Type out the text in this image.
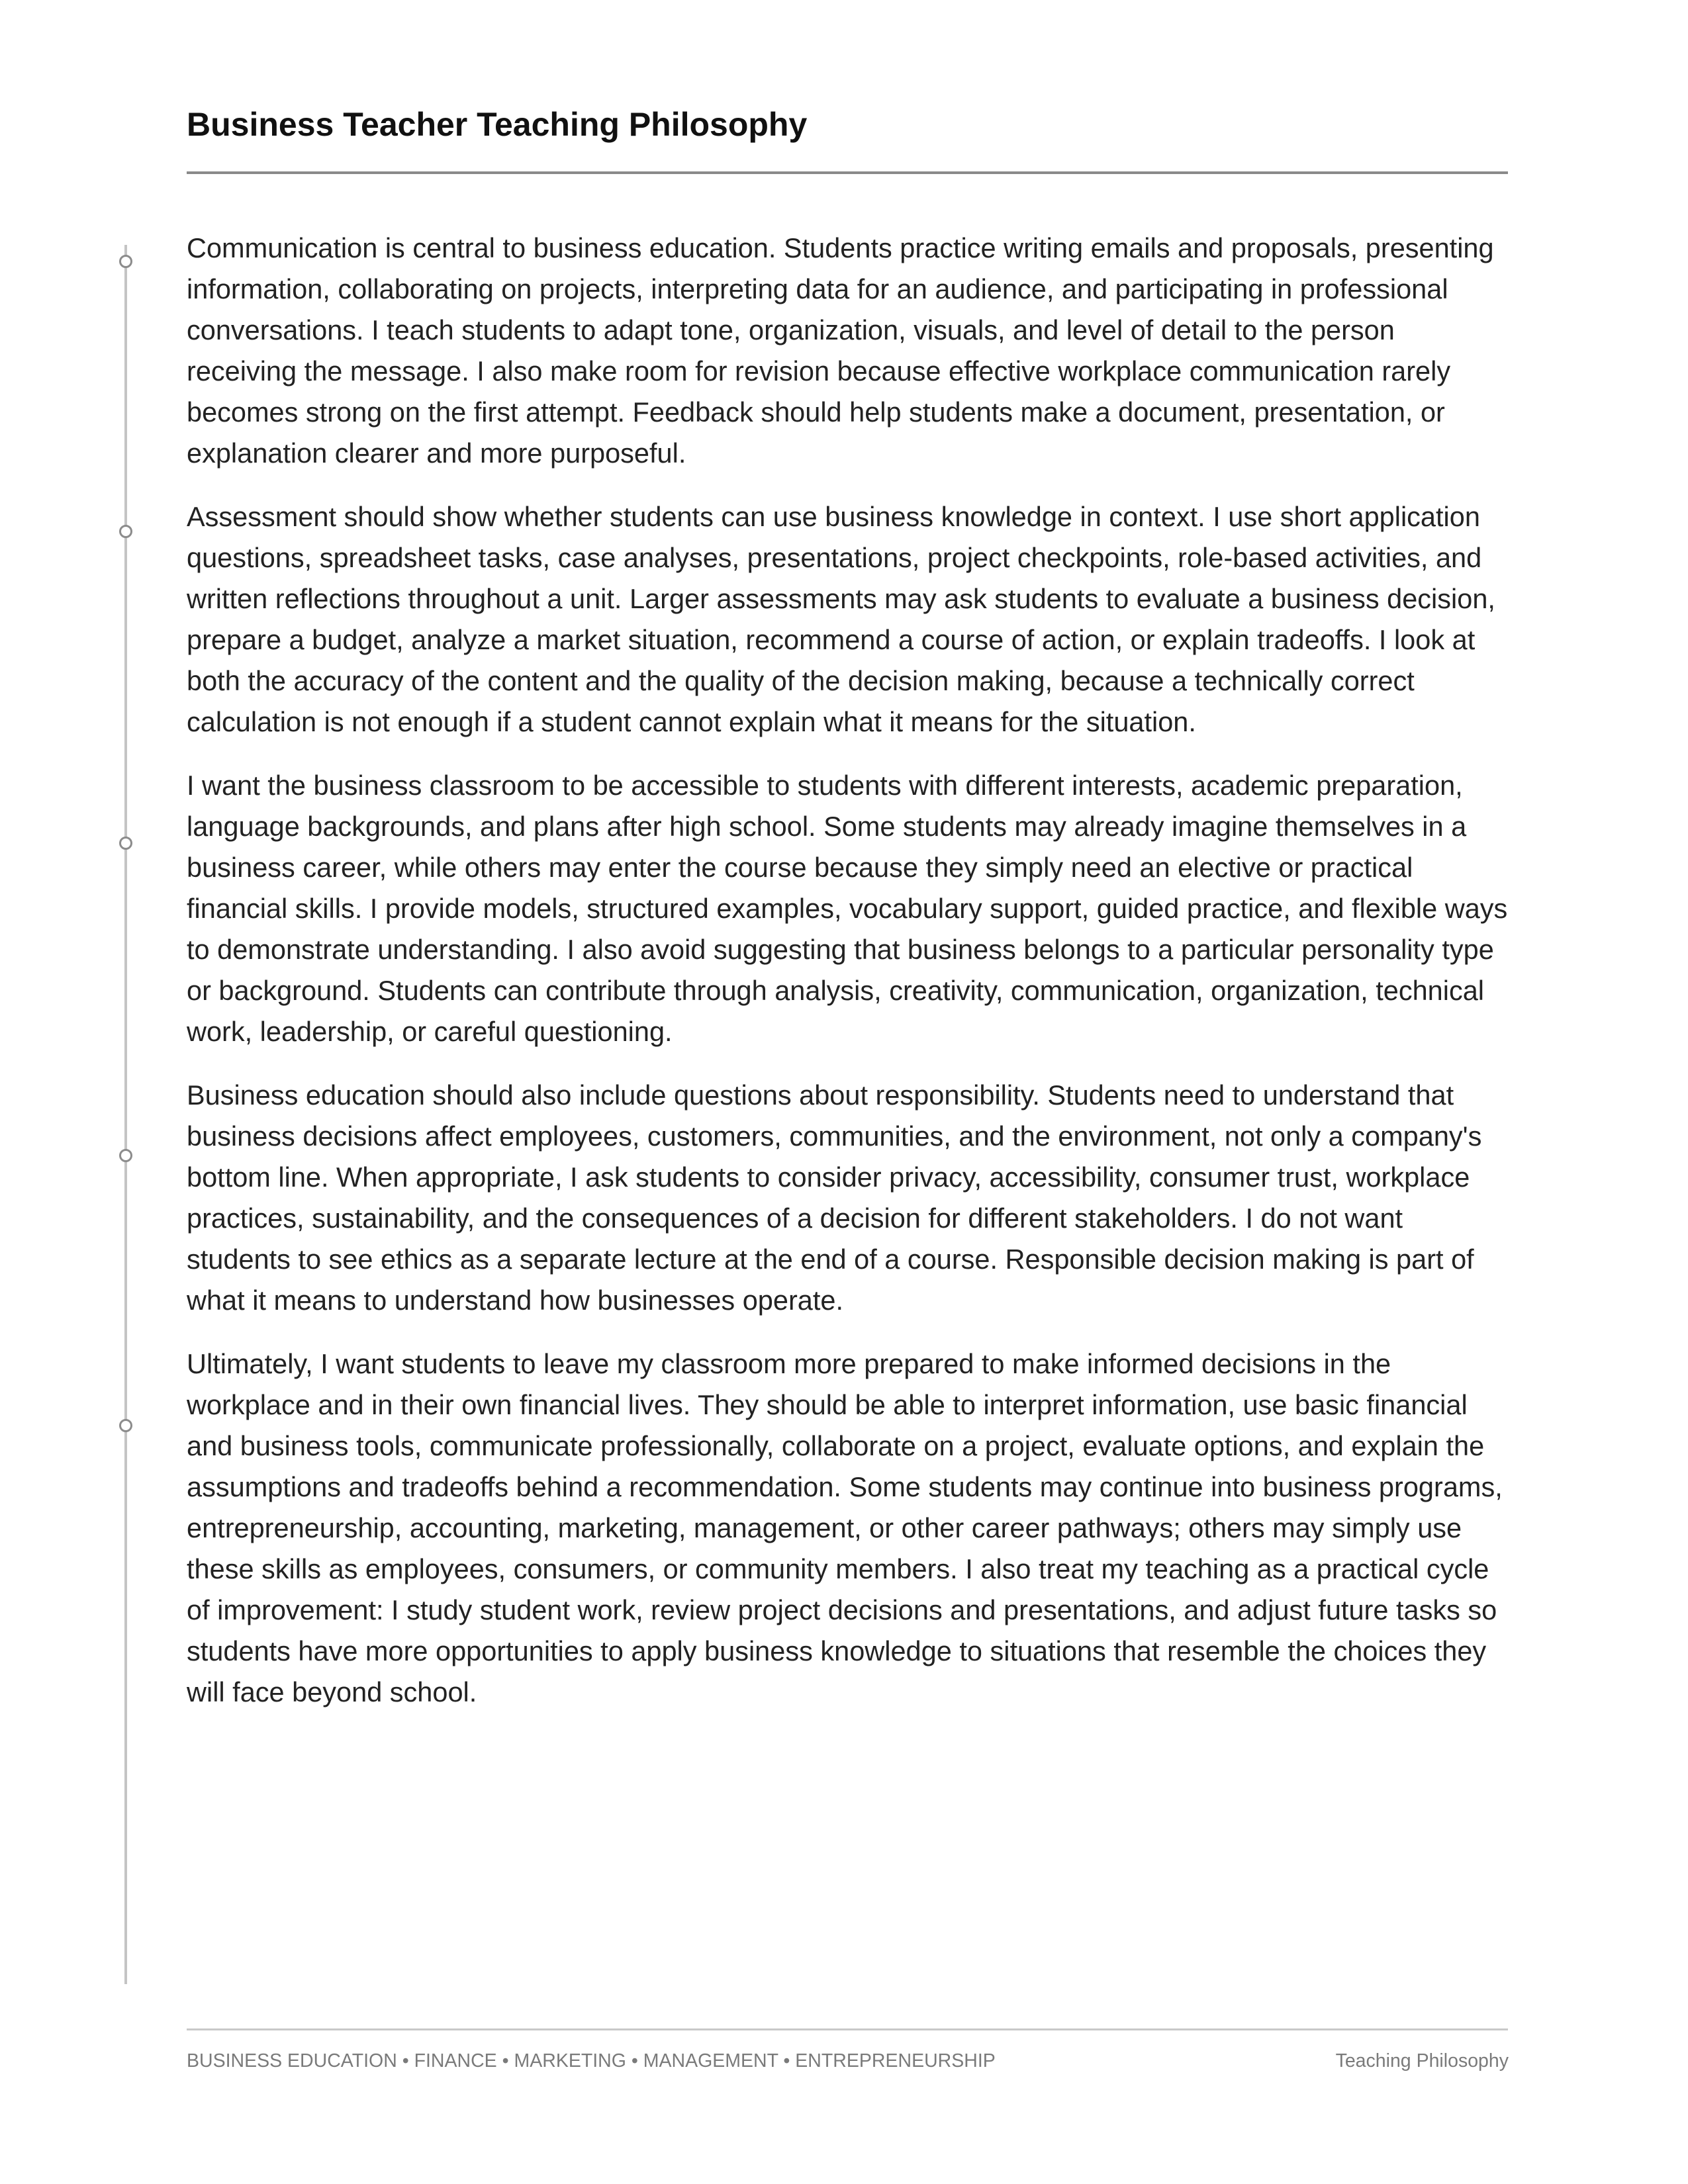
Business Teacher Teaching Philosophy

Communication is central to business education. Students practice writing emails and proposals, presenting information, collaborating on projects, interpreting data for an audience, and participating in professional conversations. I teach students to adapt tone, organization, visuals, and level of detail to the person receiving the message. I also make room for revision because effective workplace communication rarely becomes strong on the first attempt. Feedback should help students make a document, presentation, or explanation clearer and more purposeful.

Assessment should show whether students can use business knowledge in context. I use short application questions, spreadsheet tasks, case analyses, presentations, project checkpoints, role-based activities, and written reflections throughout a unit. Larger assessments may ask students to evaluate a business decision, prepare a budget, analyze a market situation, recommend a course of action, or explain tradeoffs. I look at both the accuracy of the content and the quality of the decision making, because a technically correct calculation is not enough if a student cannot explain what it means for the situation.

I want the business classroom to be accessible to students with different interests, academic preparation, language backgrounds, and plans after high school. Some students may already imagine themselves in a business career, while others may enter the course because they simply need an elective or practical financial skills. I provide models, structured examples, vocabulary support, guided practice, and flexible ways to demonstrate understanding. I also avoid suggesting that business belongs to a particular personality type or background. Students can contribute through analysis, creativity, communication, organization, technical work, leadership, or careful questioning.

Business education should also include questions about responsibility. Students need to understand that business decisions affect employees, customers, communities, and the environment, not only a company's bottom line. When appropriate, I ask students to consider privacy, accessibility, consumer trust, workplace practices, sustainability, and the consequences of a decision for different stakeholders. I do not want students to see ethics as a separate lecture at the end of a course. Responsible decision making is part of what it means to understand how businesses operate.

Ultimately, I want students to leave my classroom more prepared to make informed decisions in the workplace and in their own financial lives. They should be able to interpret information, use basic financial and business tools, communicate professionally, collaborate on a project, evaluate options, and explain the assumptions and tradeoffs behind a recommendation. Some students may continue into business programs, entrepreneurship, accounting, marketing, management, or other career pathways; others may simply use these skills as employees, consumers, or community members. I also treat my teaching as a practical cycle of improvement: I study student work, review project decisions and presentations, and adjust future tasks so students have more opportunities to apply business knowledge to situations that resemble the choices they will face beyond school.

BUSINESS EDUCATION • FINANCE • MARKETING • MANAGEMENT • ENTREPRENEURSHIP	Teaching Philosophy
